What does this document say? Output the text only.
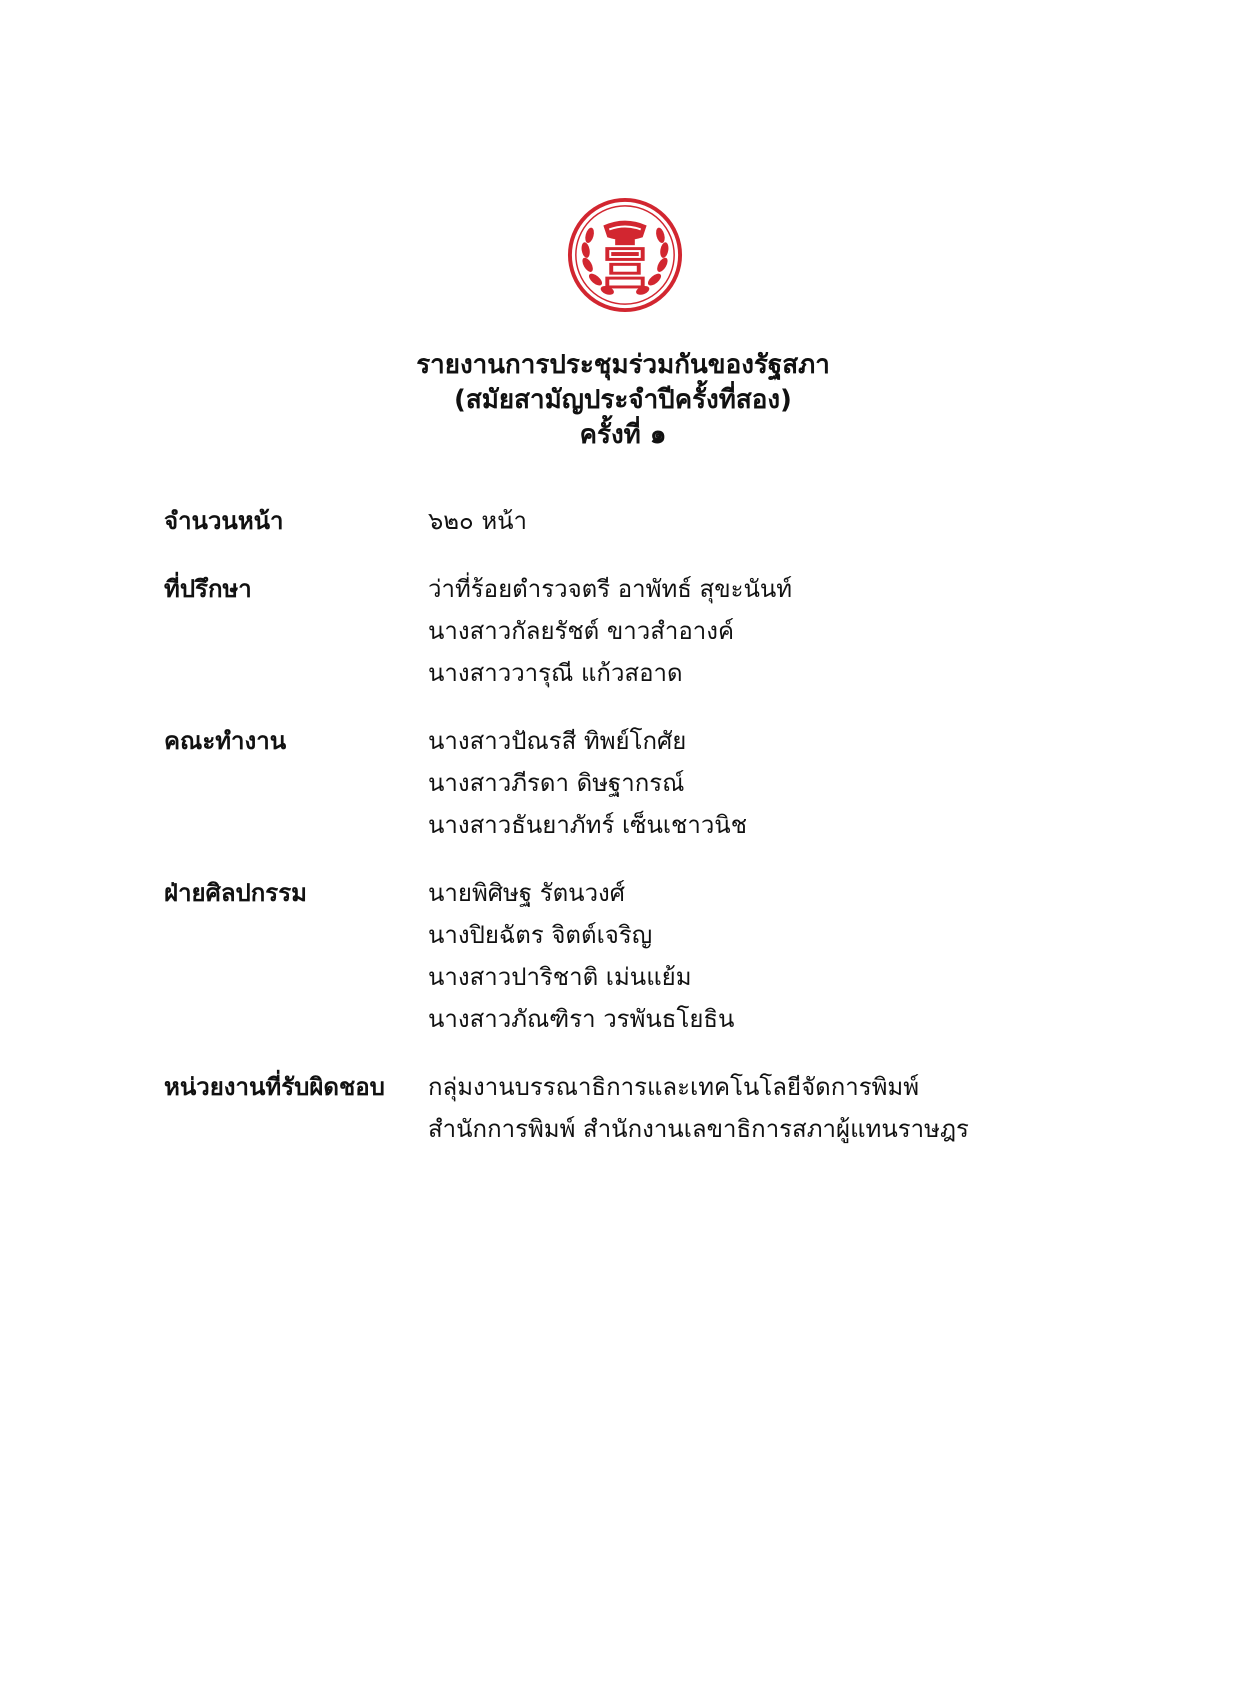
รายงานการประชุมร่วมกันของรัฐสภา

(สมัยสามัญประจำปีครั้งที่สอง)

ครั้งที่ ๑

จำนวนหน้า	๖๒๐ หน้า
ที่ปรึกษา	ว่าที่ร้อยตำรวจตรี อาพัทธ์ สุขะนันท์
นางสาวกัลยรัชต์ ขาวสำอางค์
นางสาววารุณี แก้วสอาด
คณะทำงาน	นางสาวปัณรสี ทิพย์โกศัย
นางสาวภีรดา ดิษฐากรณ์
นางสาวธันยาภัทร์ เซ็นเชาวนิช
ฝ่ายศิลปกรรม	นายพิศิษฐ รัตนวงศ์
นางปิยฉัตร จิตต์เจริญ
นางสาวปาริชาติ เม่นแย้ม
นางสาวภัณฑิรา วรพันธโยธิน
หน่วยงานที่รับผิดชอบ	กลุ่มงานบรรณาธิการและเทคโนโลยีจัดการพิมพ์
สำนักการพิมพ์ สำนักงานเลขาธิการสภาผู้แทนราษฎร
